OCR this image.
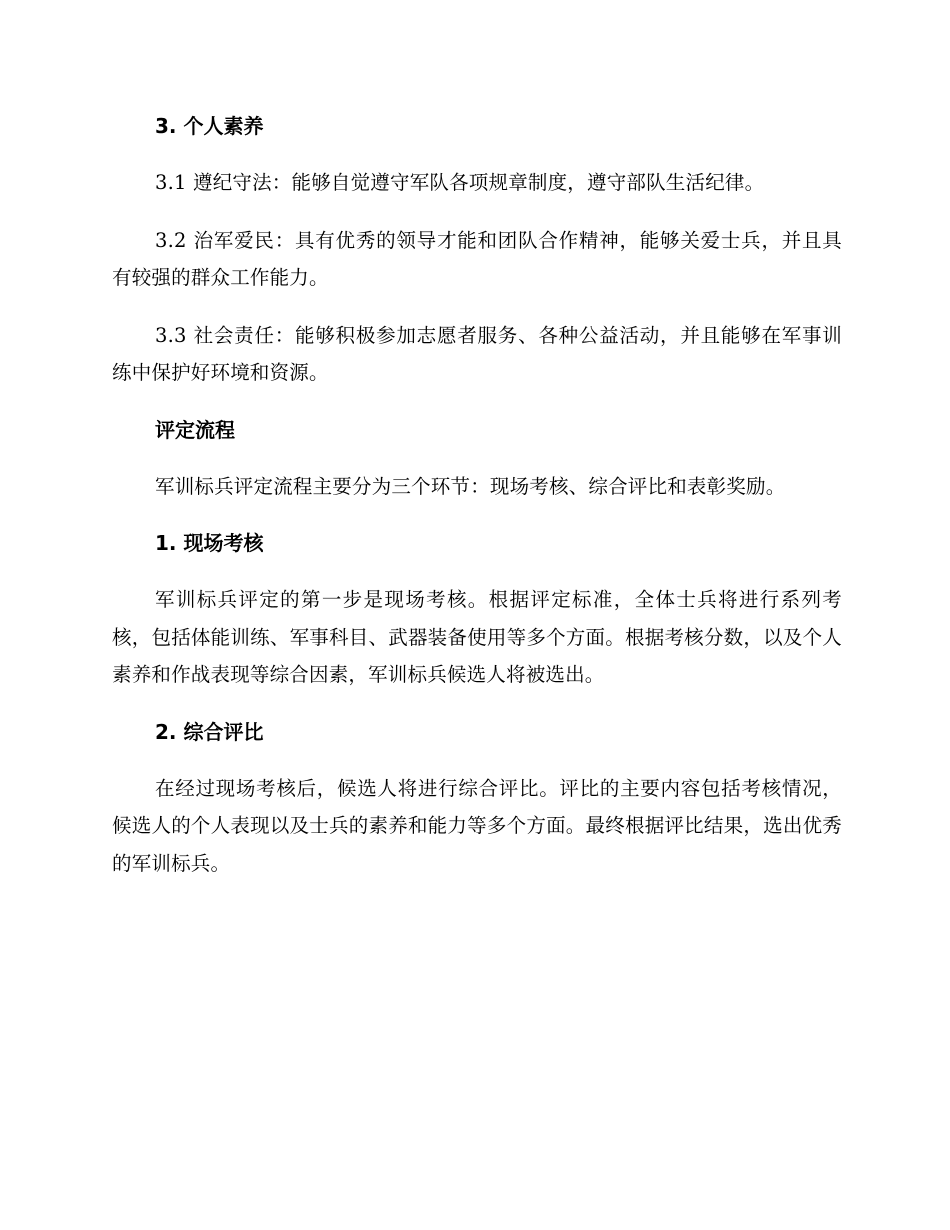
3. 个人素养

3.1 遵纪守法：能够自觉遵守军队各项规章制度，遵守部队生活纪律。

3.2 治军爱民：具有优秀的领导才能和团队合作精神，能够关爱士兵，并且具有较强的群众工作能力。

3.3 社会责任：能够积极参加志愿者服务、各种公益活动，并且能够在军事训练中保护好环境和资源。

评定流程

军训标兵评定流程主要分为三个环节：现场考核、综合评比和表彰奖励。

1. 现场考核

军训标兵评定的第一步是现场考核。根据评定标准，全体士兵将进行系列考核，包括体能训练、军事科目、武器装备使用等多个方面。根据考核分数，以及个人素养和作战表现等综合因素，军训标兵候选人将被选出。

2. 综合评比

在经过现场考核后，候选人将进行综合评比。评比的主要内容包括考核情况，候选人的个人表现以及士兵的素养和能力等多个方面。最终根据评比结果，选出优秀的军训标兵。
